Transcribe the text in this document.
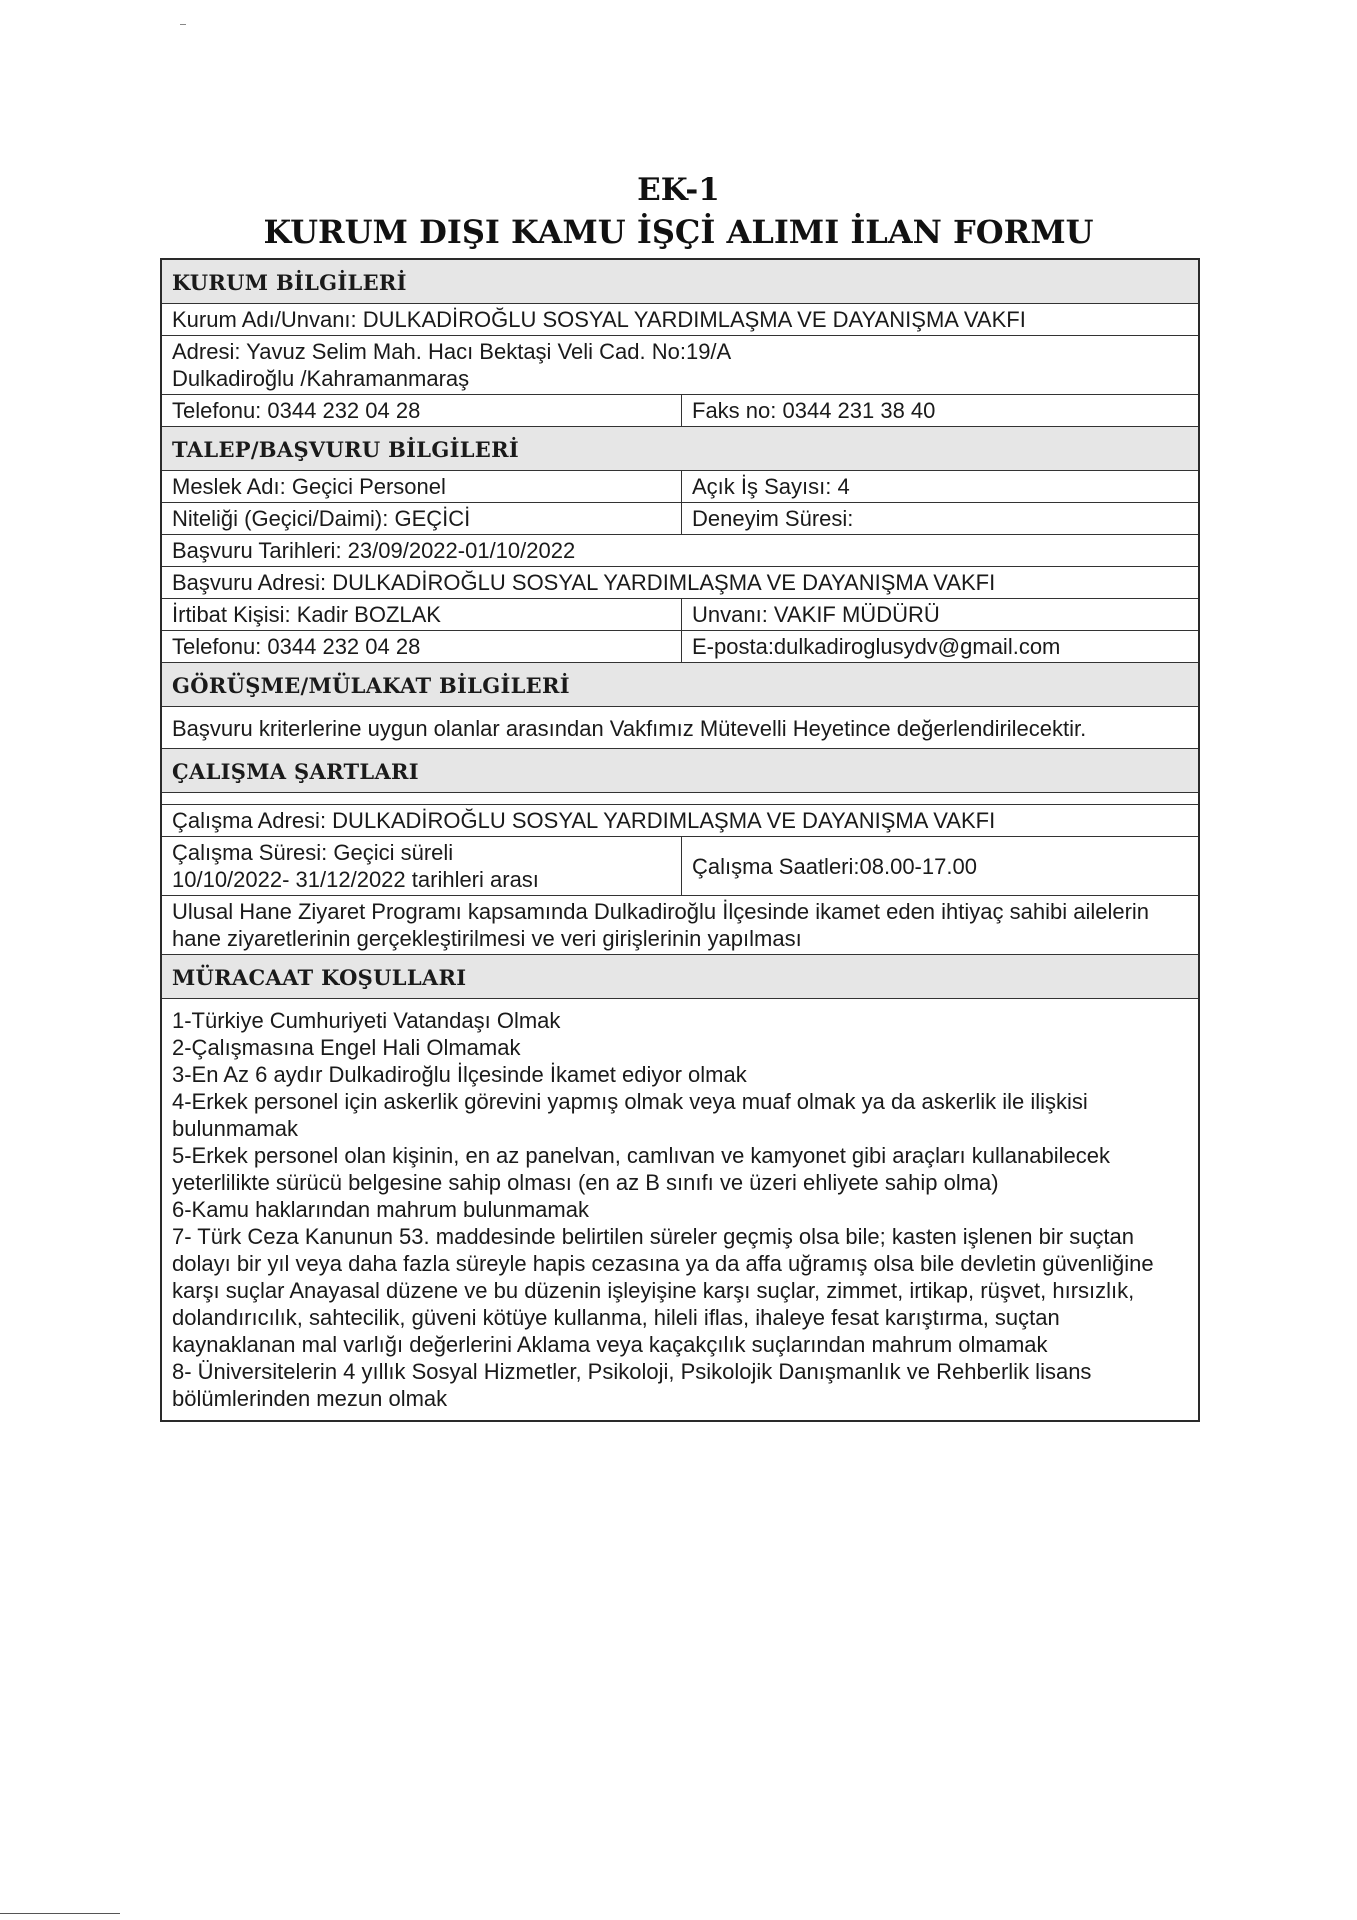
EK-1
KURUM DIŞI KAMU İŞÇİ ALIMI İLAN FORMU
KURUM BİLGİLERİ
Kurum Adı/Unvanı: DULKADİROĞLU SOSYAL YARDIMLAŞMA VE DAYANIŞMA VAKFI
Adresi: Yavuz Selim Mah. Hacı Bektaşi Veli Cad. No:19/A
Dulkadiroğlu /Kahramanmaraş
Telefonu: 0344 232 04 28	Faks no: 0344 231 38 40
TALEP/BAŞVURU BİLGİLERİ
Meslek Adı: Geçici Personel	Açık İş Sayısı: 4
Niteliği (Geçici/Daimi): GEÇİCİ	Deneyim Süresi:
Başvuru Tarihleri: 23/09/2022-01/10/2022
Başvuru Adresi: DULKADİROĞLU SOSYAL YARDIMLAŞMA VE DAYANIŞMA VAKFI
İrtibat Kişisi: Kadir BOZLAK	Unvanı: VAKIF MÜDÜRÜ
Telefonu: 0344 232 04 28	E-posta:dulkadiroglusydv@gmail.com
GÖRÜŞME/MÜLAKAT BİLGİLERİ
Başvuru kriterlerine uygun olanlar arasından Vakfımız Mütevelli Heyetince değerlendirilecektir.
ÇALIŞMA ŞARTLARI
Çalışma Adresi: DULKADİROĞLU SOSYAL YARDIMLAŞMA VE DAYANIŞMA VAKFI
Çalışma Süresi: Geçici süreli
10/10/2022- 31/12/2022 tarihleri arası
Çalışma Saatleri:08.00-17.00
Ulusal Hane Ziyaret Programı kapsamında Dulkadiroğlu İlçesinde ikamet eden ihtiyaç sahibi ailelerin hane ziyaretlerinin gerçekleştirilmesi ve veri girişlerinin yapılması
MÜRACAAT KOŞULLARI
1-Türkiye Cumhuriyeti Vatandaşı Olmak
2-Çalışmasına Engel Hali Olmamak
3-En Az 6 aydır Dulkadiroğlu İlçesinde İkamet ediyor olmak
4-Erkek personel için askerlik görevini yapmış olmak veya muaf olmak ya da askerlik ile ilişkisi bulunmamak
5-Erkek personel olan kişinin, en az panelvan, camlıvan ve kamyonet gibi araçları kullanabilecek yeterlilikte sürücü belgesine sahip olması (en az B sınıfı ve üzeri ehliyete sahip olma)
6-Kamu haklarından mahrum bulunmamak
7- Türk Ceza Kanunun 53. maddesinde belirtilen süreler geçmiş olsa bile; kasten işlenen bir suçtan dolayı bir yıl veya daha fazla süreyle hapis cezasına ya da affa uğramış olsa bile devletin güvenliğine karşı suçlar Anayasal düzene ve bu düzenin işleyişine karşı suçlar, zimmet, irtikap, rüşvet, hırsızlık, dolandırıcılık, sahtecilik, güveni kötüye kullanma, hileli iflas, ihaleye fesat karıştırma, suçtan kaynaklanan mal varlığı değerlerini Aklama veya kaçakçılık suçlarından mahrum olmamak
8- Üniversitelerin 4 yıllık Sosyal Hizmetler, Psikoloji, Psikolojik Danışmanlık ve Rehberlik lisans bölümlerinden mezun olmak
